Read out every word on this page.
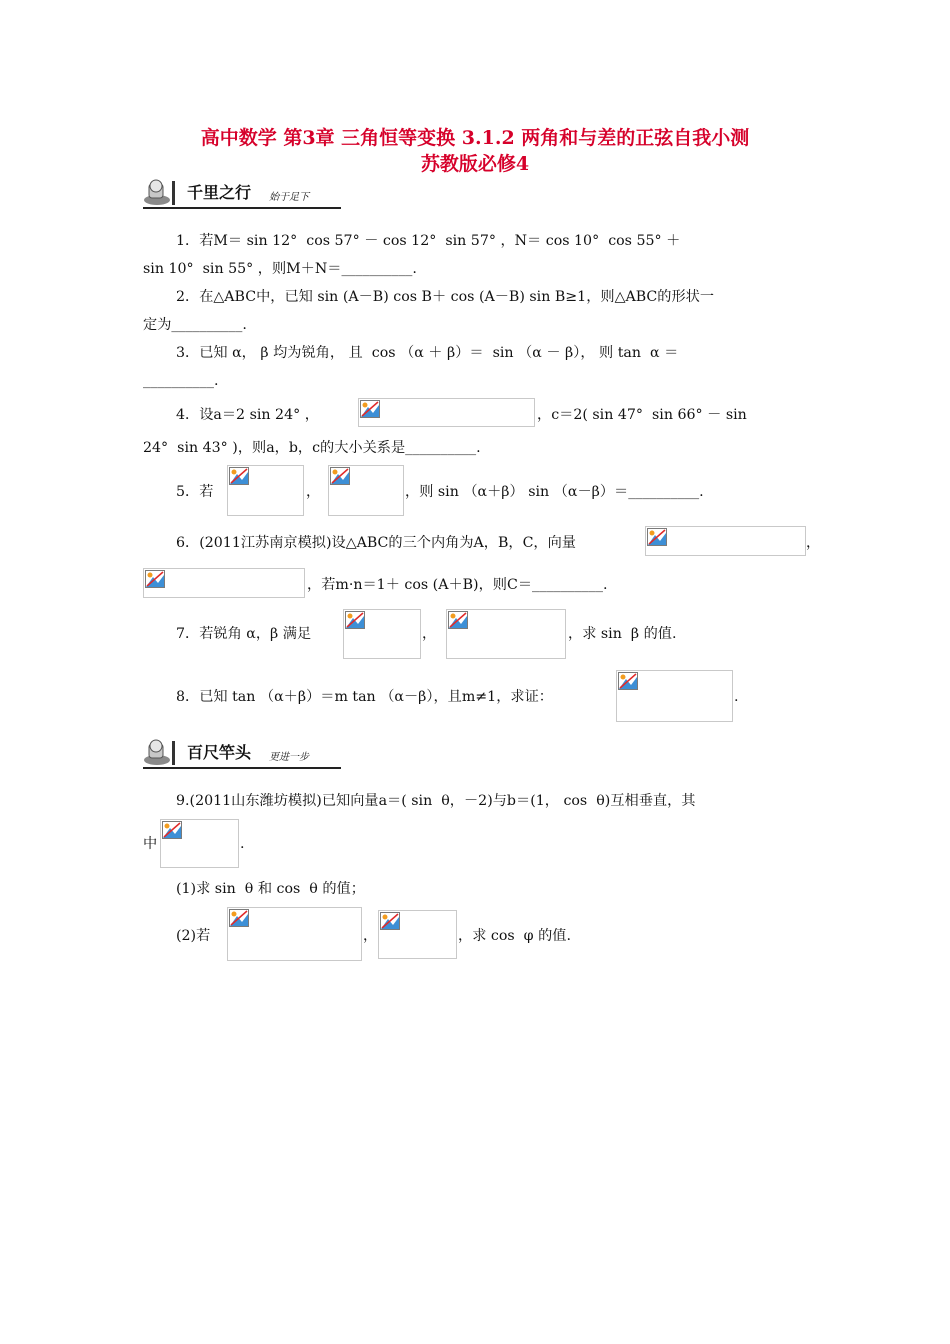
高中数学 第3章 三角恒等变换 3.1.2 两角和与差的正弦自我小测
苏教版必修4
千里之行 始于足下
1．若M＝ sin 12°  cos 57° － cos 12°  sin 57° ，N＝ cos 10°  cos 55° ＋
sin 10°  sin 55° ，则M＋N＝__________.
2．在△ABC中，已知 sin (A－B) cos B＋ cos (A－B) sin B≥1，则△ABC的形状一
定为__________.
3．已知 α， β 均为锐角， 且  cos （α ＋ β）＝  sin （α － β）， 则 tan  α ＝
__________.
4．设a＝2 sin 24° ，	，c＝2( sin 47°  sin 66° － sin
24°  sin 43° )，则a，b，c的大小关系是__________.
5．若	，	，则 sin （α＋β） sin （α－β）＝__________.
6．(2011江苏南京模拟)设△ABC的三个内角为A，B，C，向量	，
，若m·n＝1＋ cos (A＋B)，则C＝__________.
7．若锐角 α，β 满足	，	，求 sin  β 的值.
8．已知 tan （α＋β）＝m tan （α－β），且m≠1，求证：	.
百尺竿头 更进一步
9.(2011山东潍坊模拟)已知向量a＝( sin  θ，－2)与b＝(1， cos  θ)互相垂直，其
中	.
(1)求 sin  θ 和 cos  θ 的值；
(2)若	，	，求 cos  φ 的值.
